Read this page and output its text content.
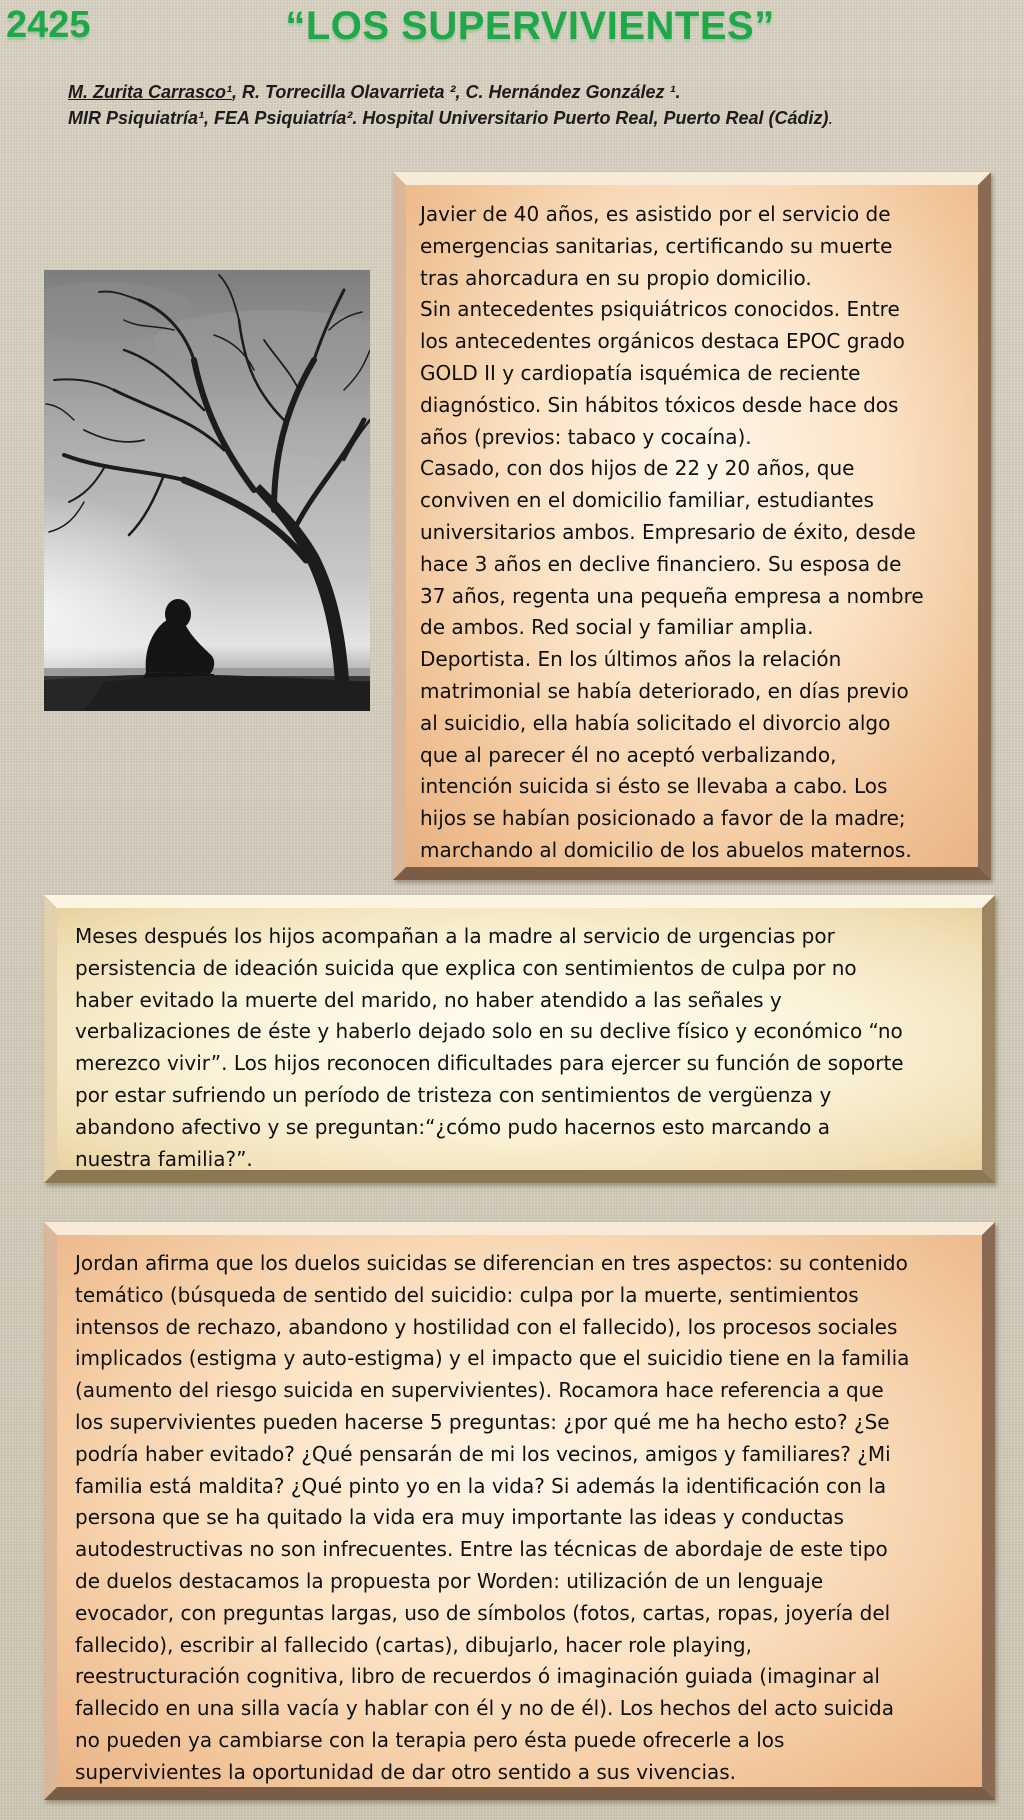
2425	“LOS SUPERVIVIENTES”
M. Zurita Carrasco¹, R. Torrecilla Olavarrieta ², C. Hernández González ¹.
MIR Psiquiatría¹, FEA Psiquiatría². Hospital Universitario Puerto Real, Puerto Real (Cádiz).
Javier de 40 años, es asistido por el servicio de
emergencias sanitarias, certificando su muerte
tras ahorcadura en su propio domicilio.
Sin antecedentes psiquiátricos conocidos. Entre
los antecedentes orgánicos destaca EPOC grado
GOLD II y cardiopatía isquémica de reciente
diagnóstico. Sin hábitos tóxicos desde hace dos
años (previos: tabaco y cocaína).
Casado, con dos hijos de 22 y 20 años, que
conviven en el domicilio familiar, estudiantes
universitarios ambos. Empresario de éxito, desde
hace 3 años en declive financiero. Su esposa de
37 años, regenta una pequeña empresa a nombre
de ambos. Red social y familiar amplia.
Deportista. En los últimos años la relación
matrimonial se había deteriorado, en días previo
al suicidio, ella había solicitado el divorcio algo
que al parecer él no aceptó verbalizando,
intención suicida si ésto se llevaba a cabo. Los
hijos se habían posicionado a favor de la madre;
marchando al domicilio de los abuelos maternos.
Meses después los hijos acompañan a la madre al servicio de urgencias por
persistencia de ideación suicida que explica con sentimientos de culpa por no
haber evitado la muerte del marido, no haber atendido a las señales y
verbalizaciones de éste y haberlo dejado solo en su declive físico y económico “no
merezco vivir”. Los hijos reconocen dificultades para ejercer su función de soporte
por estar sufriendo un período de tristeza con sentimientos de vergüenza y
abandono afectivo y se preguntan:“¿cómo pudo hacernos esto marcando a
nuestra familia?”.
Jordan afirma que los duelos suicidas se diferencian en tres aspectos: su contenido
temático (búsqueda de sentido del suicidio: culpa por la muerte, sentimientos
intensos de rechazo, abandono y hostilidad con el fallecido), los procesos sociales
implicados (estigma y auto-estigma) y el impacto que el suicidio tiene en la familia
(aumento del riesgo suicida en supervivientes). Rocamora hace referencia a que
los supervivientes pueden hacerse 5 preguntas: ¿por qué me ha hecho esto? ¿Se
podría haber evitado? ¿Qué pensarán de mi los vecinos, amigos y familiares? ¿Mi
familia está maldita? ¿Qué pinto yo en la vida? Si además la identificación con la
persona que se ha quitado la vida era muy importante las ideas y conductas
autodestructivas no son infrecuentes. Entre las técnicas de abordaje de este tipo
de duelos destacamos la propuesta por Worden: utilización de un lenguaje
evocador, con preguntas largas, uso de símbolos (fotos, cartas, ropas, joyería del
fallecido), escribir al fallecido (cartas), dibujarlo, hacer role playing,
reestructuración cognitiva, libro de recuerdos ó imaginación guiada (imaginar al
fallecido en una silla vacía y hablar con él y no de él). Los hechos del acto suicida
no pueden ya cambiarse con la terapia pero ésta puede ofrecerle a los
supervivientes la oportunidad de dar otro sentido a sus vivencias.
